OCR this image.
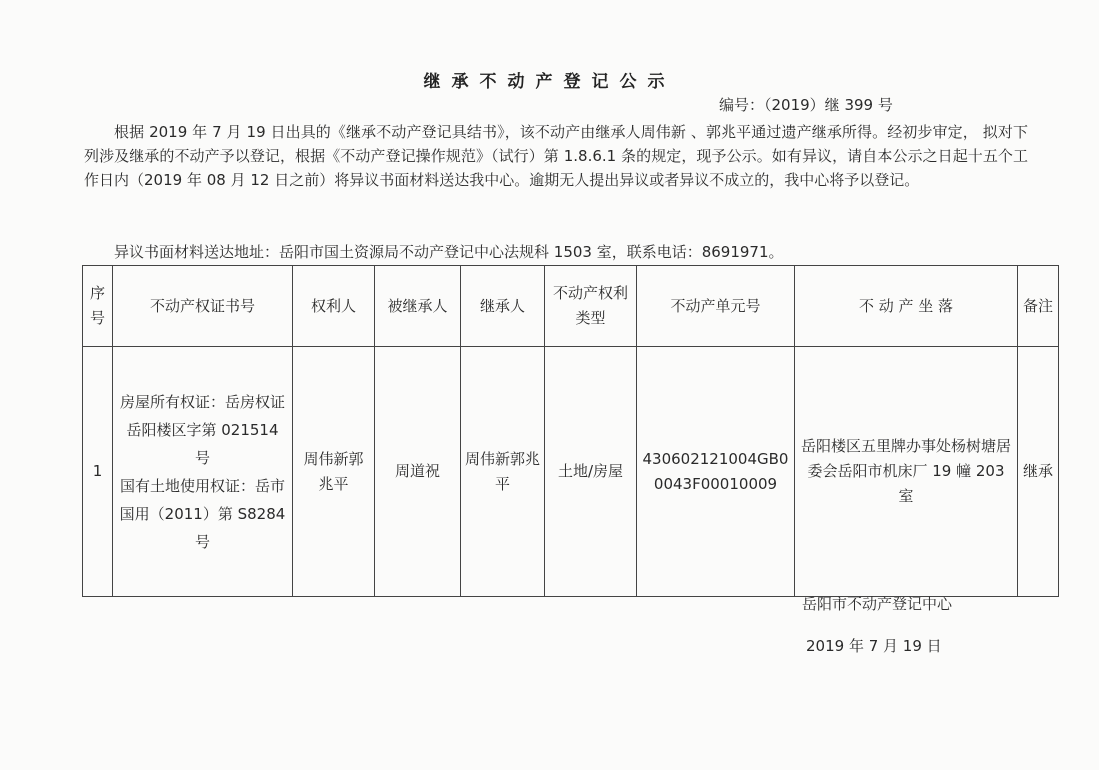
继承不动产登记公示
编号：（2019）继 399 号

根据 2019 年 7 月 19 日出具的《继承不动产登记具结书》，该不动产由继承人周伟新 、郭兆平通过遗产继承所得。经初步审定， 拟对下列涉及继承的不动产予以登记，根据《不动产登记操作规范》（试行）第 1.8.6.1 条的规定，现予公示。如有异议，请自本公示之日起十五个工作日内（2019 年 08 月 12 日之前）将异议书面材料送达我中心。逾期无人提出异议或者异议不成立的，我中心将予以登记。

异议书面材料送达地址：岳阳市国土资源局不动产登记中心法规科 1503 室，联系电话：8691971。

序号	不动产权证书号	权利人	被继承人	继承人	不动产权利类型	不动产单元号	不 动 产 坐 落	备注
1	房屋所有权证：岳房权证岳阳楼区字第 021514 号
国有土地使用权证：岳市国用（2011）第 S8284 号	周伟新郭兆平	周道祝	周伟新郭兆平	土地/房屋	430602121004GB00043F00010009	岳阳楼区五里牌办事处杨树塘居委会岳阳市机床厂 19 幢 203 室	继承
岳阳市不动产登记中心
2019 年 7 月 19 日
